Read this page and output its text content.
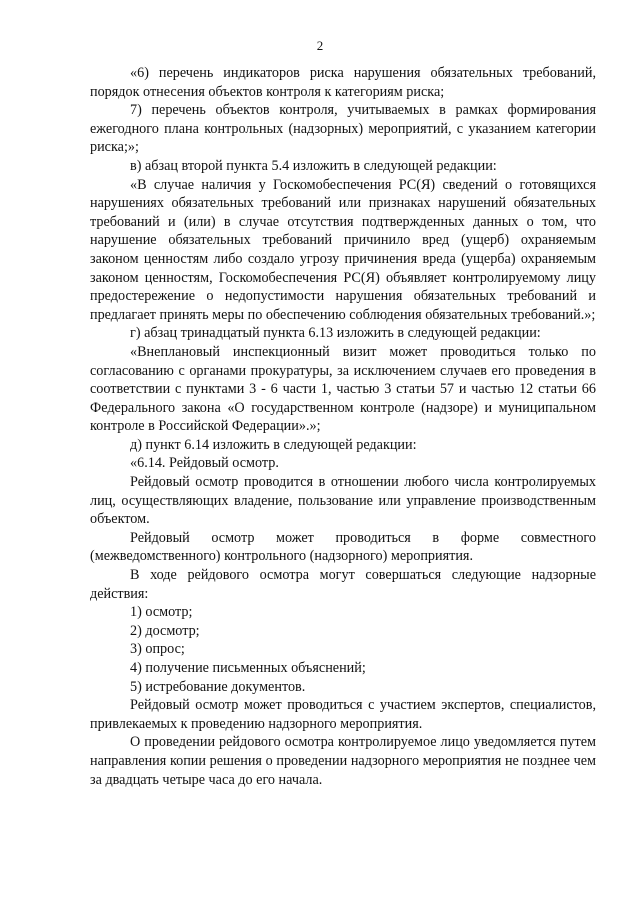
2

«6) перечень индикаторов риска нарушения обязательных требований, порядок отнесения объектов контроля к категориям риска;

7) перечень объектов контроля, учитываемых в рамках формирования ежегодного плана контрольных (надзорных) мероприятий, с указанием категории риска;»;

в) абзац второй пункта 5.4 изложить в следующей редакции:

«В случае наличия у Госкомобеспечения РС(Я) сведений о готовящихся нарушениях обязательных требований или признаках нарушений обязательных требований и (или) в случае отсутствия подтвержденных данных о том, что нарушение обязательных требований причинило вред (ущерб) охраняемым законом ценностям либо создало угрозу причинения вреда (ущерба) охраняемым законом ценностям, Госкомобеспечения РС(Я) объявляет контролируемому лицу предостережение о недопустимости нарушения обязательных требований и предлагает принять меры по обеспечению соблюдения обязательных требований.»;

г) абзац тринадцатый пункта 6.13 изложить в следующей редакции:

«Внеплановый инспекционный визит может проводиться только по согласованию с органами прокуратуры, за исключением случаев его проведения в соответствии с пунктами 3 - 6 части 1, частью 3 статьи 57 и частью 12 статьи 66 Федерального закона «О государственном контроле (надзоре) и муниципальном контроле в Российской Федерации».»;

д) пункт 6.14 изложить в следующей редакции:

«6.14. Рейдовый осмотр.

Рейдовый осмотр проводится в отношении любого числа контролируемых лиц, осуществляющих владение, пользование или управление производственным объектом.

Рейдовый осмотр может проводиться в форме совместного (межведомственного) контрольного (надзорного) мероприятия.

В ходе рейдового осмотра могут совершаться следующие надзорные действия:

1) осмотр;

2) досмотр;

3) опрос;

4) получение письменных объяснений;

5) истребование документов.

Рейдовый осмотр может проводиться с участием экспертов, специалистов, привлекаемых к проведению надзорного мероприятия.

О проведении рейдового осмотра контролируемое лицо уведомляется путем направления копии решения о проведении надзорного мероприятия не позднее чем за двадцать четыре часа до его начала.
